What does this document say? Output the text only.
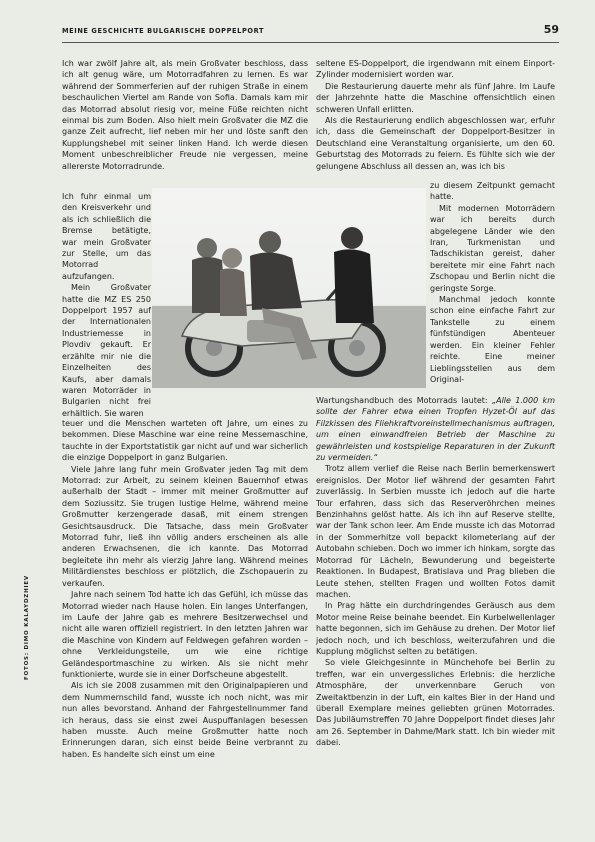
MEINE GESCHICHTE BULGARISCHE DOPPELPORT	59
FOTOS: DIMO KALAYDZHIEV

Ich war zwölf Jahre alt, als mein Großvater beschloss, dass ich alt genug wäre, um Motorradfahren zu lernen. Es war während der Sommerferien auf der ruhigen Straße in einem beschaulichen Viertel am Rande von Sofia. Damals kam mir das Motorrad absolut riesig vor, meine Füße reichten nicht einmal bis zum Boden. Also hielt mein Großvater die MZ die ganze Zeit aufrecht, lief neben mir her und löste sanft den Kupplungshebel mit seiner linken Hand. Ich werde diesen Moment unbeschreiblicher Freude nie vergessen, meine allererste Motorradrunde.

Ich fuhr einmal um den Kreisverkehr und als ich schließlich die Bremse betätigte, war mein Großvater zur Stelle, um das Motorrad aufzufangen.

Mein Großvater hatte die MZ ES 250 Doppelport 1957 auf der Internationalen Industriemesse in Plovdiv gekauft. Er erzählte mir nie die Einzelheiten des Kaufs, aber damals waren Motorräder in Bulgarien nicht frei erhältlich. Sie waren

seltene ES-Doppelport, die irgendwann mit einem Einport-Zylinder modernisiert worden war.

Die Restaurierung dauerte mehr als fünf Jahre. Im Laufe der Jahrzehnte hatte die Maschine offensichtlich einen schweren Unfall erlitten.

Als die Restaurierung endlich abgeschlossen war, erfuhr ich, dass die Gemeinschaft der Doppelport-Besitzer in Deutschland eine Veranstaltung organisierte, um den 60. Geburtstag des Motorrads zu feiern. Es fühlte sich wie der gelungene Abschluss all dessen an, was ich bis

zu diesem Zeitpunkt gemacht hatte.

Mit modernen Motorrädern war ich bereits durch abgelegene Länder wie den Iran, Turkmenistan und Tadschikistan gereist, daher bereitete mir eine Fahrt nach Zschopau und Berlin nicht die geringste Sorge.

Manchmal jedoch konnte schon eine einfache Fahrt zur Tankstelle zu einem fünfstündigen Abenteuer werden. Ein kleiner Fehler reichte. Eine meiner Lieblingsstellen aus dem Original-

teuer und die Menschen warteten oft Jahre, um eines zu bekommen. Diese Maschine war eine reine Messemaschine, tauchte in der Exportstatistik gar nicht auf und war sicherlich die einzige Doppelport in ganz Bulgarien.

Viele Jahre lang fuhr mein Großvater jeden Tag mit dem Motorrad: zur Arbeit, zu seinem kleinen Bauernhof etwas außerhalb der Stadt – immer mit meiner Großmutter auf dem Soziussitz. Sie trugen lustige Helme, während meine Großmutter kerzengerade dasaß, mit einem strengen Gesichtsausdruck. Die Tatsache, dass mein Großvater Motorrad fuhr, ließ ihn völlig anders erscheinen als alle anderen Erwachsenen, die ich kannte. Das Motorrad begleitete ihn mehr als vierzig Jahre lang. Während meines Militärdienstes beschloss er plötzlich, die Zschopauerin zu verkaufen.

Jahre nach seinem Tod hatte ich das Gefühl, ich müsse das Motorrad wieder nach Hause holen. Ein langes Unterfangen, im Laufe der Jahre gab es mehrere Besitzerwechsel und nicht alle waren offiziell registriert. In den letzten Jahren war die Maschine von Kindern auf Feldwegen gefahren worden – ohne Verkleidungsteile, um wie eine richtige Geländesportmaschine zu wirken. Als sie nicht mehr funktionierte, wurde sie in einer Dorfscheune abgestellt.

Als ich sie 2008 zusammen mit den Originalpapieren und dem Nummernschild fand, wusste ich noch nicht, was mir nun alles bevorstand. Anhand der Fahrgestellnummer fand ich heraus, dass sie einst zwei Auspuffanlagen besessen haben musste. Auch meine Großmutter hatte noch Erinnerungen daran, sich einst beide Beine verbrannt zu haben. Es handelte sich einst um eine

Wartungshandbuch des Motorrads lautet: „Alle 1.000 km sollte der Fahrer etwa einen Tropfen Hyzet-Öl auf das Filzkissen des Fliehkraftvoreinstellmechanismus auftragen, um einen einwandfreien Betrieb der Maschine zu gewährleisten und kostspielige Reparaturen in der Zukunft zu vermeiden.“

Trotz allem verlief die Reise nach Berlin bemerkenswert ereignislos. Der Motor lief während der gesamten Fahrt zuverlässig. In Serbien musste ich jedoch auf die harte Tour erfahren, dass sich das Reserveröhrchen meines Benzinhahns gelöst hatte. Als ich ihn auf Reserve stellte, war der Tank schon leer. Am Ende musste ich das Motorrad in der Sommerhitze voll bepackt kilometerlang auf der Autobahn schieben. Doch wo immer ich hinkam, sorgte das Motorrad für Lächeln, Bewunderung und begeisterte Reaktionen. In Budapest, Bratislava und Prag blieben die Leute stehen, stellten Fragen und wollten Fotos damit machen.

In Prag hätte ein durchdringendes Geräusch aus dem Motor meine Reise beinahe beendet. Ein Kurbelwellenlager hatte begonnen, sich im Gehäuse zu drehen. Der Motor lief jedoch noch, und ich beschloss, weiterzufahren und die Kupplung möglichst selten zu betätigen.

So viele Gleichgesinnte in Münchehofe bei Berlin zu treffen, war ein unvergessliches Erlebnis: die herzliche Atmosphäre, der unverkennbare Geruch von Zweitaktbenzin in der Luft, ein kaltes Bier in der Hand und überall Exemplare meines geliebten grünen Motorrades. Das Jubiläumstreffen 70 Jahre Doppelport findet dieses Jahr am 26. September in Dahme/Mark statt. Ich bin wieder mit dabei.
